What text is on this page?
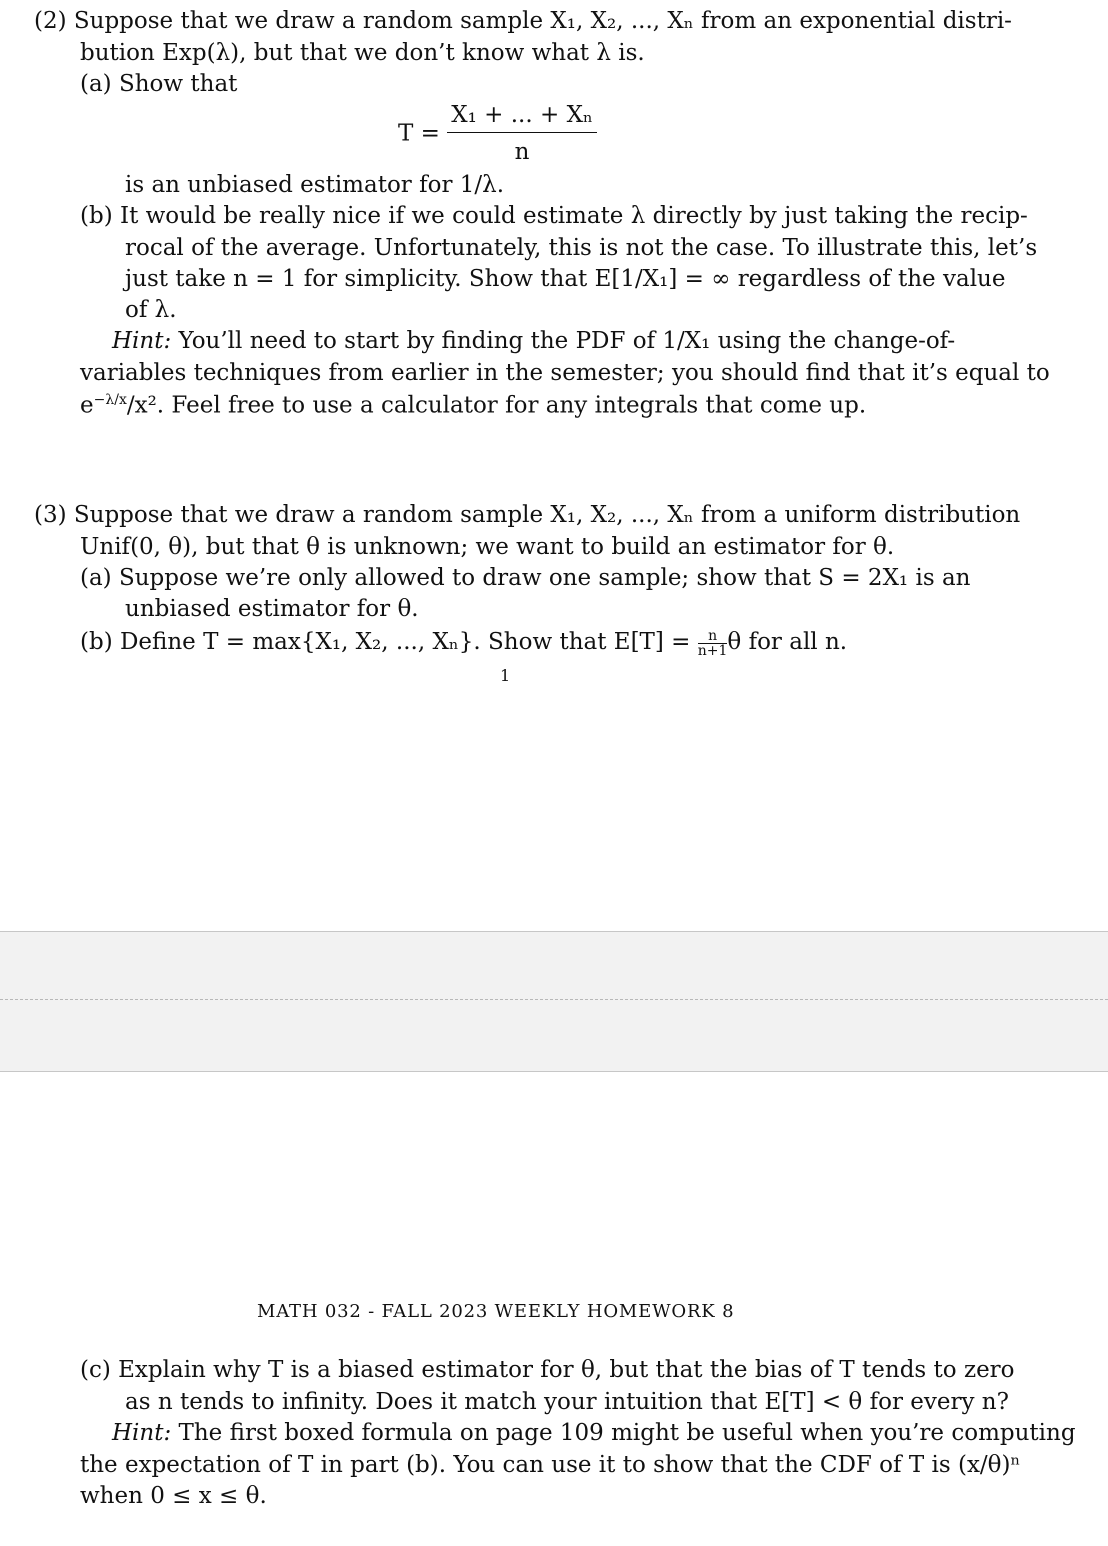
(2) Suppose that we draw a random sample X₁, X₂, ..., Xₙ from an exponential distri-
bution Exp(λ), but that we don’t know what λ is.
(a) Show that
$T = \frac{\text{X₁ + ... + Xₙ}}{n}$
is an unbiased estimator for 1/λ.
(b) It would be really nice if we could estimate λ directly by just taking the recip-
rocal of the average. Unfortunately, this is not the case. To illustrate this, let’s
just take n = 1 for simplicity. Show that E[1/X₁] = ∞ regardless of the value
of λ.
Hint: You’ll need to start by finding the PDF of 1/X₁ using the change-of-
variables techniques from earlier in the semester; you should find that it’s equal to
$e^{-\lambda/x}/x^2$. Feel free to use a calculator for any integrals that come up.
(3) Suppose that we draw a random sample X₁, X₂, ..., Xₙ from a uniform distribution
Unif(0, θ), but that θ is unknown; we want to build an estimator for θ.
(a) Suppose we’re only allowed to draw one sample; show that S = 2X₁ is an
unbiased estimator for θ.
(b) Define T = max{X₁, X₂, ..., Xₙ}. Show that $E[T] = \frac{n}{n+1}$ θ for all n.
1
MATH 032 - FALL 2023 WEEKLY HOMEWORK 8
(c) Explain why T is a biased estimator for θ, but that the bias of T tends to zero
as n tends to infinity. Does it match your intuition that E[T] < θ for every n?
Hint: The first boxed formula on page 109 might be useful when you’re computing
the expectation of T in part (b). You can use it to show that the CDF of T is (x/θ)ⁿ
when 0 ≤ x ≤ θ.
